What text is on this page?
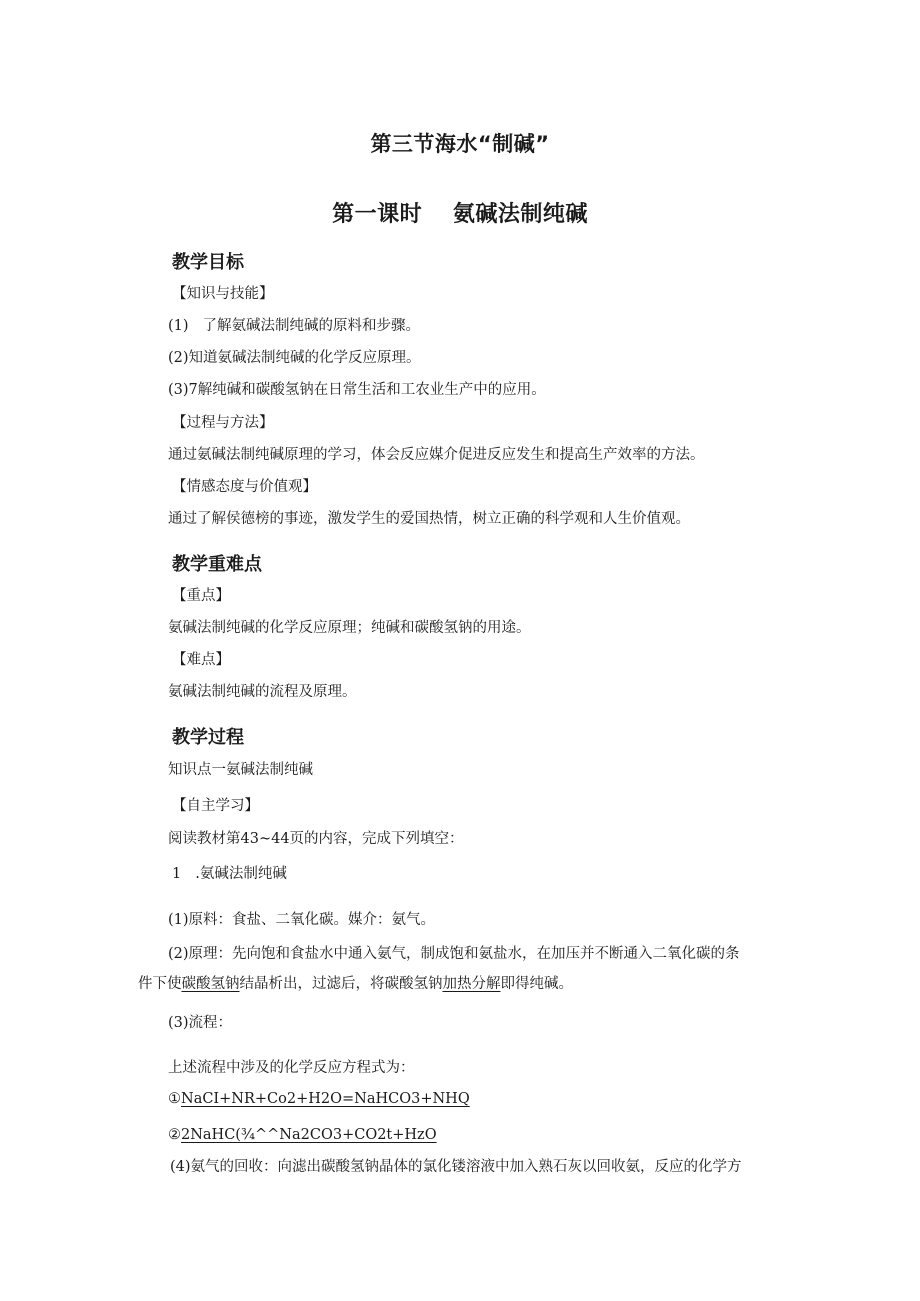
第三节海水“制碱”
第一课时　 氨碱法制纯碱
教学目标
【知识与技能】
(1) 了解氨碱法制纯碱的原料和步骤。
(2)知道氨碱法制纯碱的化学反应原理。
(3)7解纯碱和碳酸氢钠在日常生活和工农业生产中的应用。
【过程与方法】
通过氨碱法制纯碱原理的学习，体会反应媒介促进反应发生和提高生产效率的方法。
【情感态度与价值观】
通过了解侯德榜的事迹，激发学生的爱国热情，树立正确的科学观和人生价值观。
教学重难点
【重点】
氨碱法制纯碱的化学反应原理；纯碱和碳酸氢钠的用途。
【难点】
氨碱法制纯碱的流程及原理。
教学过程
知识点一氨碱法制纯碱
【自主学习】
阅读教材第43~44页的内容，完成下列填空：
1 .氨碱法制纯碱
(1)原料：食盐、二氧化碳。媒介：氨气。
(2)原理：先向饱和食盐水中通入氨气，制成饱和氨盐水，在加压并不断通入二氧化碳的条
件下使碳酸氢钠结晶析出，过滤后，将碳酸氢钠加热分解即得纯碱。
(3)流程：
上述流程中涉及的化学反应方程式为：
①NaCI+NR+Co2+H2O=NaHCO3+NHQ
②2NaHC(¾^^Na2CO3+CO2t+HzO
(4)氨气的回收：向滤出碳酸氢钠晶体的氯化镂溶液中加入熟石灰以回收氨，反应的化学方
